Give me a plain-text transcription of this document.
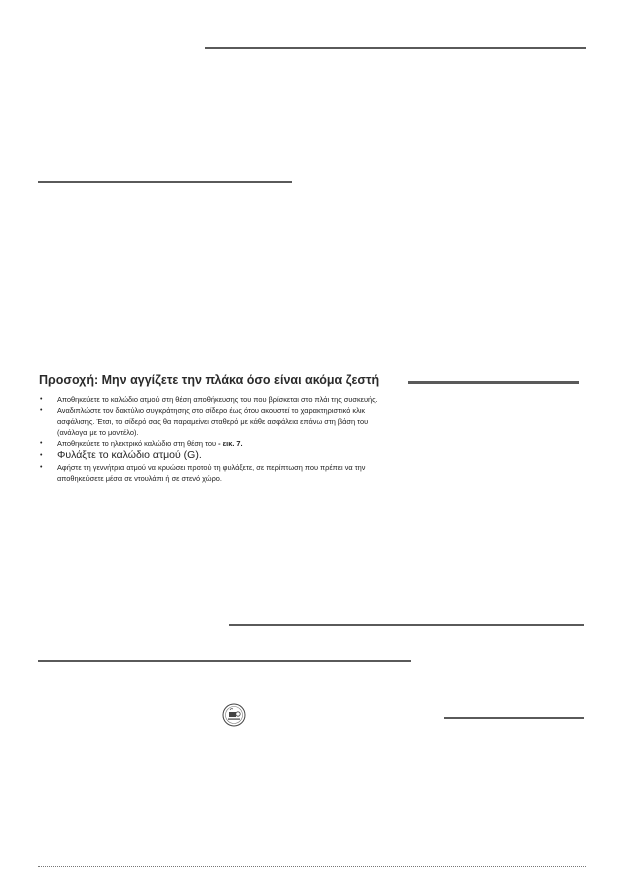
Προσοχή: Μην αγγίζετε την πλάκα όσο είναι ακόμα ζεστή
• Αποθηκεύετε το καλώδιο ατμού στη θέση αποθήκευσης του που βρίσκεται στο πλάι της συσκευής.
• Αναδιπλώστε τον δακτύλιο συγκράτησης στο σίδερο έως ότου ακουστεί το χαρακτηριστικό κλικ ασφάλισης. Έτσι, το σίδερό σας θα παραμείνει σταθερό με κάθε ασφάλεια επάνω στη βάση του (ανάλογα με το μοντέλο).
• Αποθηκεύετε το ηλεκτρικό καλώδιο στη θέση του - εικ. 7.
• Φυλάξτε το καλώδιο ατμού (G).
• Αφήστε τη γεννήτρια ατμού να κρυώσει προτού τη φυλάξετε, σε περίπτωση που πρέπει να την αποθηκεύσετε μέσα σε ντουλάπι ή σε στενό χώρο.
